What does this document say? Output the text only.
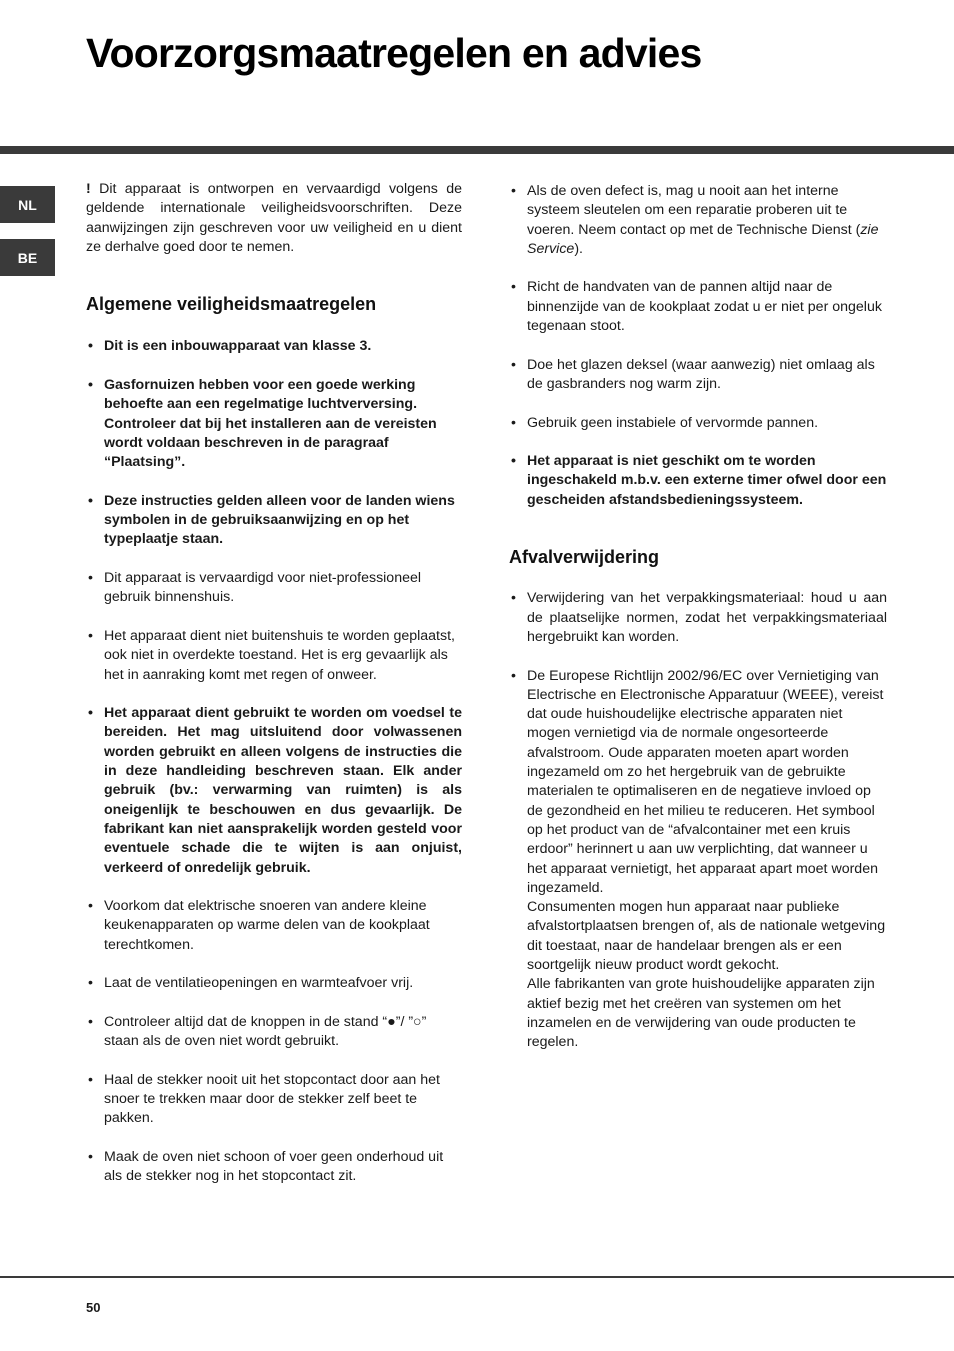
Voorzorgsmaatregelen en advies
NL
BE

! Dit apparaat is ontworpen en vervaardigd volgens de geldende internationale veiligheidsvoorschriften. Deze aanwijzingen zijn geschreven voor uw veiligheid en u dient ze derhalve goed door te nemen.

Algemene veiligheidsmaatregelen
• Dit is een inbouwapparaat van klasse 3.
• Gasfornuizen hebben voor een goede werking behoefte aan een regelmatige luchtverversing. Controleer dat bij het installeren aan de vereisten wordt voldaan beschreven in de paragraaf “Plaatsing”.
• Deze instructies gelden alleen voor de landen wiens symbolen in de gebruiksaanwijzing en op het typeplaatje staan.
• Dit apparaat is vervaardigd voor niet-professioneel gebruik binnenshuis.
• Het apparaat dient niet buitenshuis te worden geplaatst, ook niet in overdekte toestand. Het is erg gevaarlijk als het in aanraking komt met regen of onweer.
• Het apparaat dient gebruikt te worden om voedsel te bereiden. Het mag uitsluitend door volwassenen worden gebruikt en alleen volgens de instructies die in deze handleiding beschreven staan. Elk ander gebruik (bv.: verwarming van ruimten) is als oneigenlijk te beschouwen en dus gevaarlijk. De fabrikant kan niet aansprakelijk worden gesteld voor eventuele schade die te wijten is aan onjuist, verkeerd of onredelijk gebruik.
• Voorkom dat elektrische snoeren van andere kleine keukenapparaten op warme delen van de kookplaat terechtkomen.
• Laat de ventilatieopeningen en warmteafvoer vrij.
• Controleer altijd dat de knoppen in de stand “●”/ ”○” staan als de oven niet wordt gebruikt.
• Haal de stekker nooit uit het stopcontact door aan het snoer te trekken maar door de stekker zelf beet te pakken.
• Maak de oven niet schoon of voer geen onderhoud uit als de stekker nog in het stopcontact zit.
• Als de oven defect is, mag u nooit aan het interne systeem sleutelen om een reparatie proberen uit te voeren. Neem contact op met de Technische Dienst (zie Service).
• Richt de handvaten van de pannen altijd naar de binnenzijde van de kookplaat zodat u er niet per ongeluk tegenaan stoot.
• Doe het glazen deksel (waar aanwezig) niet omlaag als de gasbranders nog warm zijn.
• Gebruik geen instabiele of vervormde pannen.
• Het apparaat is niet geschikt om te worden ingeschakeld m.b.v. een externe timer ofwel door een gescheiden afstandsbedieningssysteem.
Afvalverwijdering
• Verwijdering van het verpakkingsmateriaal: houd u aan de plaatselijke normen, zodat het verpakkingsmateriaal hergebruikt kan worden.

• De Europese Richtlijn 2002/96/EC over Vernietiging van Electrische en Electronische Apparatuur (WEEE), vereist dat oude huishoudelijke electrische apparaten niet mogen vernietigd via de normale ongesorteerde afvalstroom. Oude apparaten moeten apart worden ingezameld om zo het hergebruik van de gebruikte materialen te optimaliseren en de negatieve invloed op de gezondheid en het milieu te reduceren. Het symbool op het product van de “afvalcontainer met een kruis erdoor” herinnert u aan uw verplichting, dat wanneer u het apparaat vernietigt, het apparaat apart moet worden ingezameld.

Consumenten mogen hun apparaat naar publieke afvalstortplaatsen brengen of, als de nationale wetgeving dit toestaat, naar de handelaar brengen als er een soortgelijk nieuw product wordt gekocht.

Alle fabrikanten van grote huishoudelijke apparaten zijn aktief bezig met het creëren van systemen om het inzamelen en de verwijdering van oude producten te regelen.

50
